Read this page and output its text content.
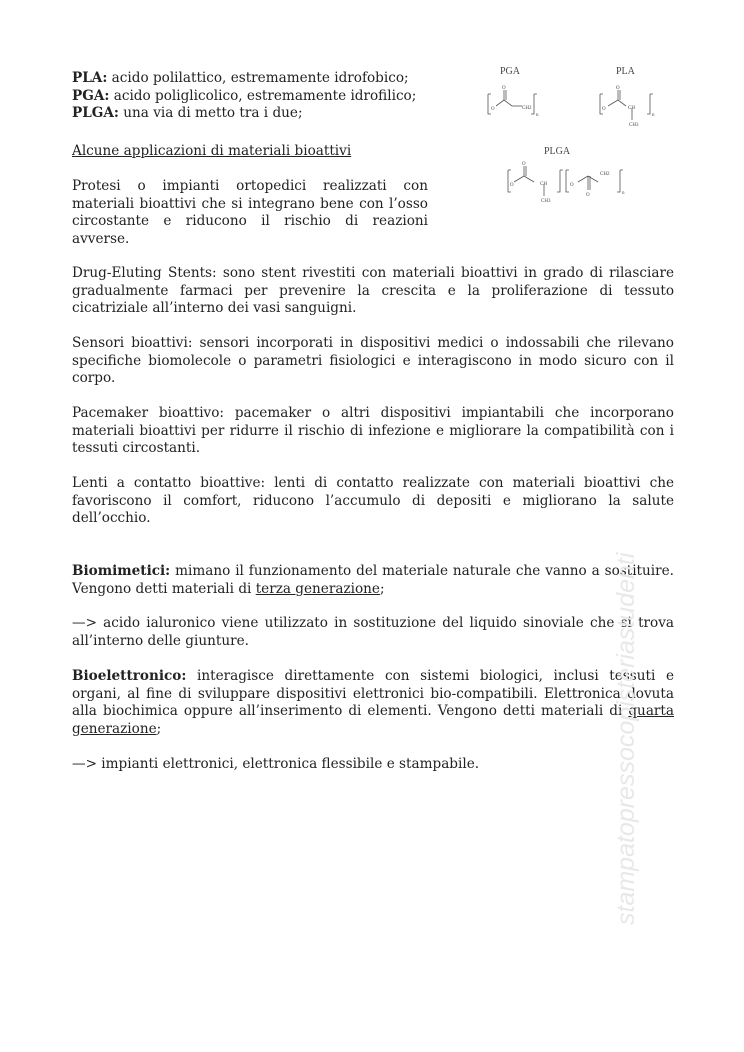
PLA: acido polilattico, estremamente idrofobico;
PGA: acido poliglicolico, estremamente idrofilico;
PLGA: una via di metto tra i due;

PGA
O
O
CH2
n
PLA
O
O
CH
CH3
n
PLGA
O
O
CH
CH3
O
O
CH2
n

Alcune applicazioni di materiali bioattivi

Protesi o impianti ortopedici realizzati con materiali bioattivi che si integrano bene con l’osso circostante e riducono il rischio di reazioni avverse.

Drug-Eluting Stents: sono stent rivestiti con materiali bioattivi in grado di rilasciare gradualmente farmaci per prevenire la crescita e la proliferazione di tessuto cicatriziale all’interno dei vasi sanguigni.

Sensori bioattivi: sensori incorporati in dispositivi medici o indossabili che rilevano specifiche biomolecole o parametri fisiologici e interagiscono in modo sicuro con il corpo.

Pacemaker bioattivo: pacemaker o altri dispositivi impiantabili che incorporano materiali bioattivi per ridurre il rischio di infezione e migliorare la compatibilità con i tessuti circostanti.

Lenti a contatto bioattive: lenti di contatto realizzate con materiali bioattivi che favoriscono il comfort, riducono l’accumulo di depositi e migliorano la salute dell’occhio.

Biomimetici: mimano il funzionamento del materiale naturale che vanno a sostituire. Vengono detti materiali di terza generazione;

—> acido ialuronico viene utilizzato in sostituzione del liquido sinoviale che si trova all’interno delle giunture.

Bioelettronico: interagisce direttamente con sistemi biologici, inclusi tessuti e organi, al fine di sviluppare dispositivi elettronici bio-compatibili. Elettronica dovuta alla biochimica oppure all’inserimento di elementi. Vengono detti materiali di quarta generazione;

—> impianti elettronici, elettronica flessibile e stampabile.	stampatopressocopisteriastudenti
